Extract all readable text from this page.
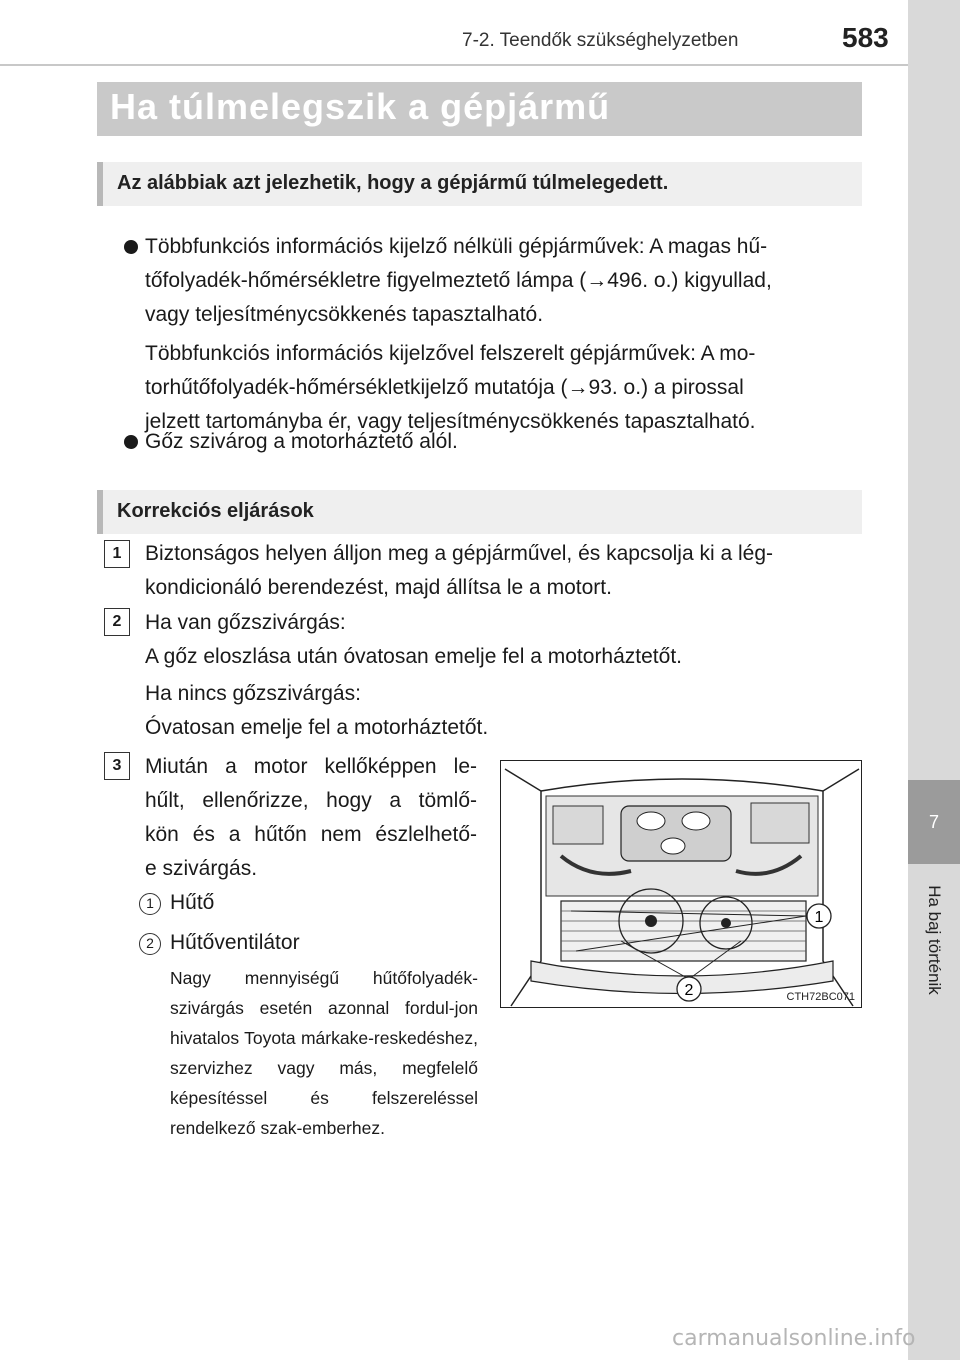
7-2. Teendők szükséghelyzetben	583
7
Ha baj történik
Ha túlmelegszik a gépjármű
Az alábbiak azt jelezhetik, hogy a gépjármű túlmelegedett.
Többfunkciós információs kijelző nélküli gépjárművek: A magas hű-
tőfolyadék-hőmérsékletre figyelmeztető lámpa (→496. o.) kigyullad,
vagy teljesítménycsökkenés tapasztalható.
Többfunkciós információs kijelzővel felszerelt gépjárművek: A mo-
torhűtőfolyadék-hőmérsékletkijelző mutatója (→93. o.) a pirossal
jelzett tartományba ér, vagy teljesítménycsökkenés tapasztalható.
Gőz szivárog a motorháztető alól.
Korrekciós eljárások
1	Biztonságos helyen álljon meg a gépjárművel, és kapcsolja ki a lég-
kondicionáló berendezést, majd állítsa le a motort.
2	Ha van gőzszivárgás:
A gőz eloszlása után óvatosan emelje fel a motorháztetőt.
Ha nincs gőzszivárgás:
Óvatosan emelje fel a motorháztetőt.
3	Miután a motor kellőképpen le-
hűlt, ellenőrizze, hogy a tömlő-
kön és a hűtőn nem észlelhető-
e szivárgás.
1 Hűtő
2 Hűtőventilátor
Nagy mennyiségű hűtőfolyadék-szivárgás esetén azonnal fordul-jon hivatalos Toyota márkake-reskedéshez, szervizhez vagy más, megfelelő képesítéssel és felszereléssel rendelkező szak-emberhez.
1
2	CTH72BC071
carmanualsonline.info
